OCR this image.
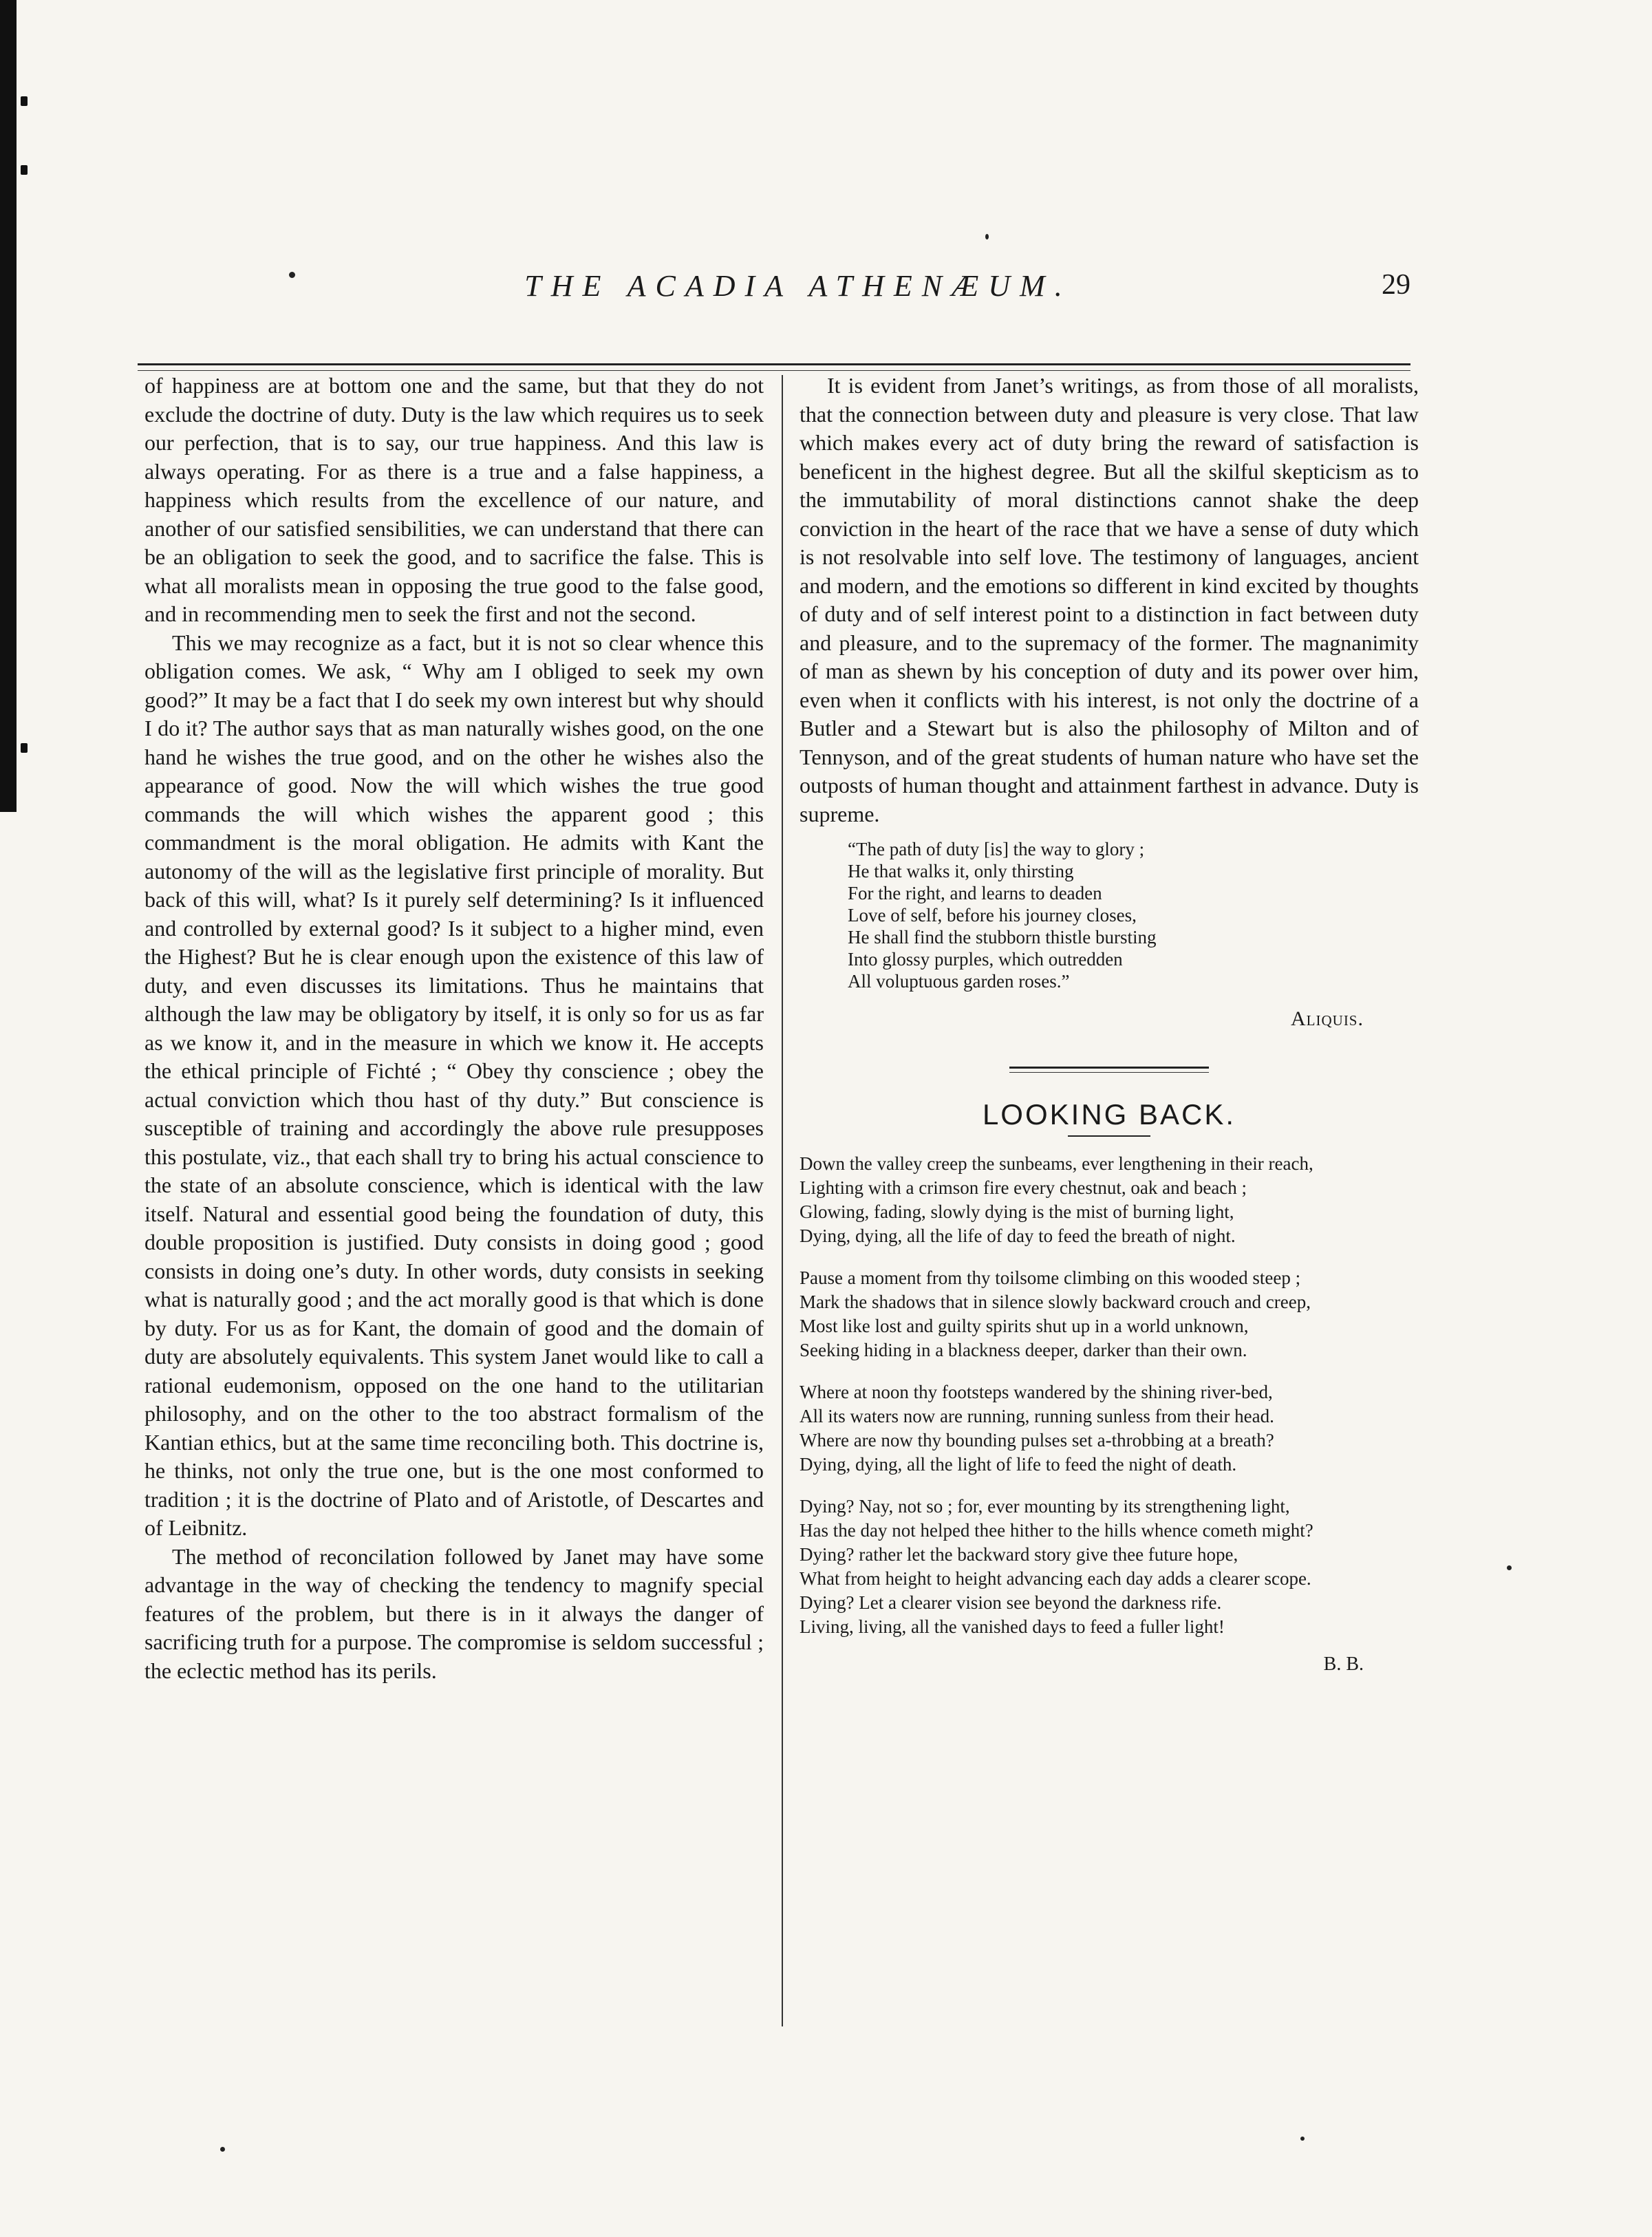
THE ACADIA ATHENÆUM.	29

of happiness are at bottom one and the same, but that they do not exclude the doctrine of duty. Duty is the law which requires us to seek our perfection, that is to say, our true happiness. And this law is always operating. For as there is a true and a false happiness, a happiness which results from the excellence of our nature, and another of our satisfied sensibilities, we can understand that there can be an obligation to seek the good, and to sacrifice the false. This is what all moralists mean in opposing the true good to the false good, and in recommending men to seek the first and not the second.

This we may recognize as a fact, but it is not so clear whence this obligation comes. We ask, “ Why am I obliged to seek my own good?” It may be a fact that I do seek my own interest but why should I do it? The author says that as man naturally wishes good, on the one hand he wishes the true good, and on the other he wishes also the appearance of good. Now the will which wishes the true good commands the will which wishes the apparent good ; this commandment is the moral obligation. He admits with Kant the autonomy of the will as the legislative first principle of morality. But back of this will, what? Is it purely self determining? Is it influenced and controlled by external good? Is it subject to a higher mind, even the Highest? But he is clear enough upon the existence of this law of duty, and even discusses its limitations. Thus he maintains that although the law may be obligatory by itself, it is only so for us as far as we know it, and in the measure in which we know it. He accepts the ethical principle of Fichté ; “ Obey thy conscience ; obey the actual conviction which thou hast of thy duty.” But conscience is susceptible of training and accordingly the above rule presupposes this postulate, viz., that each shall try to bring his actual conscience to the state of an absolute conscience, which is identical with the law itself. Natural and essential good being the foundation of duty, this double proposition is justified. Duty consists in doing good ; good consists in doing one’s duty. In other words, duty consists in seeking what is naturally good ; and the act morally good is that which is done by duty. For us as for Kant, the domain of good and the domain of duty are absolutely equivalents. This system Janet would like to call a rational eudemonism, opposed on the one hand to the utilitarian philosophy, and on the other to the too abstract formalism of the Kantian ethics, but at the same time reconciling both. This doctrine is, he thinks, not only the true one, but is the one most conformed to tradition ; it is the doctrine of Plato and of Aristotle, of Descartes and of Leibnitz.

The method of reconcilation followed by Janet may have some advantage in the way of checking the tendency to magnify special features of the problem, but there is in it always the danger of sacrificing truth for a purpose. The compromise is seldom successful ; the eclectic method has its perils.

It is evident from Janet’s writings, as from those of all moralists, that the connection between duty and pleasure is very close. That law which makes every act of duty bring the reward of satisfaction is beneficent in the highest degree. But all the skilful skepticism as to the immutability of moral distinctions cannot shake the deep conviction in the heart of the race that we have a sense of duty which is not resolvable into self love. The testimony of languages, ancient and modern, and the emotions so different in kind excited by thoughts of duty and of self interest point to a distinction in fact between duty and pleasure, and to the supremacy of the former. The magnanimity of man as shewn by his conception of duty and its power over him, even when it conflicts with his interest, is not only the doctrine of a Butler and a Stewart but is also the philosophy of Milton and of Tennyson, and of the great students of human nature who have set the outposts of human thought and attainment farthest in advance. Duty is supreme.

“The path of duty [is] the way to glory ;
He that walks it, only thirsting
For the right, and learns to deaden
Love of self, before his journey closes,
He shall find the stubborn thistle bursting
Into glossy purples, which outredden
All voluptuous garden roses.”
Aliquis.
LOOKING BACK.
Down the valley creep the sunbeams, ever lengthening in their reach,
Lighting with a crimson fire every chestnut, oak and beach ;
Glowing, fading, slowly dying is the mist of burning light,
Dying, dying, all the life of day to feed the breath of night.
Pause a moment from thy toilsome climbing on this wooded steep ;
Mark the shadows that in silence slowly backward crouch and creep,
Most like lost and guilty spirits shut up in a world unknown,
Seeking hiding in a blackness deeper, darker than their own.
Where at noon thy footsteps wandered by the shining river-bed,
All its waters now are running, running sunless from their head.
Where are now thy bounding pulses set a-throbbing at a breath?
Dying, dying, all the light of life to feed the night of death.
Dying? Nay, not so ; for, ever mounting by its strengthening light,
Has the day not helped thee hither to the hills whence cometh might?
Dying? rather let the backward story give thee future hope,
What from height to height advancing each day adds a clearer scope.
Dying? Let a clearer vision see beyond the darkness rife.
Living, living, all the vanished days to feed a fuller light!
B. B.
